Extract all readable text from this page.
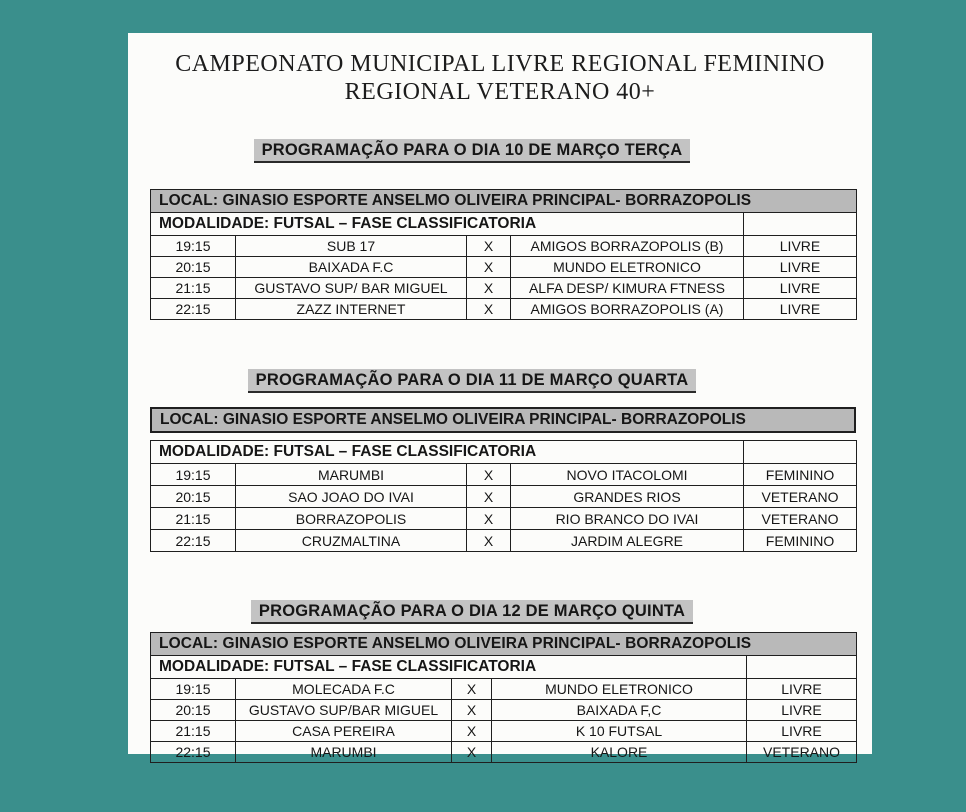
CAMPEONATO MUNICIPAL LIVRE REGIONAL FEMININO
REGIONAL VETERANO 40+
PROGRAMAÇÃO PARA O DIA 10 DE MARÇO TERÇA
LOCAL: GINASIO ESPORTE ANSELMO OLIVEIRA PRINCIPAL- BORRAZOPOLIS				
MODALIDADE: FUTSAL – FASE CLASSIFICATORIA				
19:15	SUB 17	X	AMIGOS BORRAZOPOLIS (B)	LIVRE
20:15	BAIXADA F.C	X	MUNDO ELETRONICO	LIVRE
21:15	GUSTAVO SUP/ BAR MIGUEL	X	ALFA DESP/ KIMURA FTNESS	LIVRE
22:15	ZAZZ INTERNET	X	AMIGOS BORRAZOPOLIS (A)	LIVRE
PROGRAMAÇÃO PARA O DIA 11 DE MARÇO QUARTA
LOCAL: GINASIO ESPORTE ANSELMO OLIVEIRA PRINCIPAL- BORRAZOPOLIS
MODALIDADE: FUTSAL – FASE CLASSIFICATORIA				
19:15	MARUMBI	X	NOVO ITACOLOMI	FEMININO
20:15	SAO JOAO DO IVAI	X	GRANDES RIOS	VETERANO
21:15	BORRAZOPOLIS	X	RIO BRANCO DO IVAI	VETERANO
22:15	CRUZMALTINA	X	JARDIM ALEGRE	FEMININO
PROGRAMAÇÃO PARA O DIA 12 DE MARÇO QUINTA
LOCAL: GINASIO ESPORTE ANSELMO OLIVEIRA PRINCIPAL- BORRAZOPOLIS				
MODALIDADE: FUTSAL – FASE CLASSIFICATORIA				
19:15	MOLECADA F.C	X	MUNDO ELETRONICO	LIVRE
20:15	GUSTAVO SUP/BAR MIGUEL	X	BAIXADA F,C	LIVRE
21:15	CASA PEREIRA	X	K 10 FUTSAL	LIVRE
22:15	MARUMBI	X	KALORE	VETERANO
